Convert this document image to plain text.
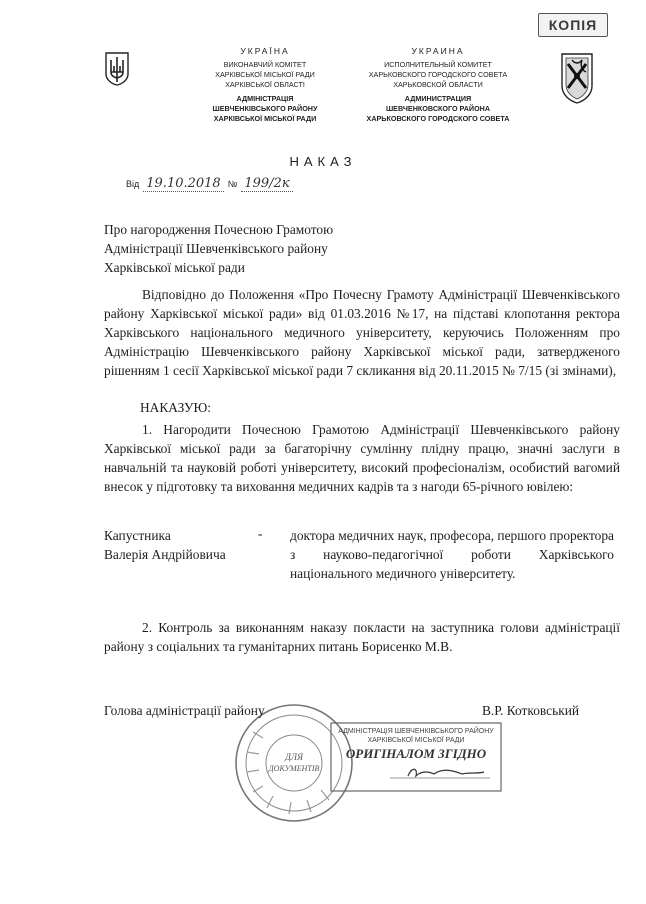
КОПІЯ
УКРАЇНА
ВИКОНАВЧИЙ КОМІТЕТ
ХАРКІВСЬКОЇ МІСЬКОЇ РАДИ
ХАРКІВСЬКОЇ ОБЛАСТІ
АДМІНІСТРАЦІЯ
ШЕВЧЕНКІВСЬКОГО РАЙОНУ
ХАРКІВСЬКОЇ МІСЬКОЇ РАДИ
УКРАИНА
ИСПОЛНИТЕЛЬНЫЙ КОМИТЕТ
ХАРЬКОВСКОГО ГОРОДСКОГО СОВЕТА
ХАРЬКОВСКОЙ ОБЛАСТИ
АДМИНИСТРАЦИЯ
ШЕВЧЕНКОВСКОГО РАЙОНА
ХАРЬКОВСКОГО ГОРОДСКОГО СОВЕТА
НАКАЗ
Від 19.10.2018 № 199/2к
Про нагородження Почесною Грамотою
Адміністрації Шевченківського району
Харківської міської ради
Відповідно до Положення «Про Почесну Грамоту Адміністрації Шевченківського району Харківської міської ради» від 01.03.2016 №17, на підставі клопотання ректора Харківського національного медичного університету, керуючись Положенням про Адміністрацію Шевченківського району Харківської міської ради, затвердженого рішенням 1 сесії Харківської міської ради 7 скликання від 20.11.2015 № 7/15 (зі змінами),
НАКАЗУЮ:
1. Нагородити Почесною Грамотою Адміністрації Шевченківського району Харківської міської ради за багаторічну сумлінну плідну працю, значні заслуги в навчальній та науковій роботі університету, високий професіоналізм, особистий вагомий внесок у підготовку та виховання медичних кадрів та з нагоди 65-річного ювілею:
Капустника
Валерія Андрійовича
- доктора медичних наук, професора, першого проректора з науково-педагогічної роботи Харківського національного медичного університету.
2. Контроль за виконанням наказу покласти на заступника голови адміністрації району з соціальних та гуманітарних питань Борисенко М.В.
ДЛЯ
ДОКУМЕНТІВ
Голова адміністрації району	В.Р. Котковський
АДМІНІСТРАЦІЯ ШЕВЧЕНКІВСЬКОГО РАЙОНУ
ХАРКІВСЬКОЇ МІСЬКОЇ РАДИ
ОРИГІНАЛОМ ЗГІДНО
